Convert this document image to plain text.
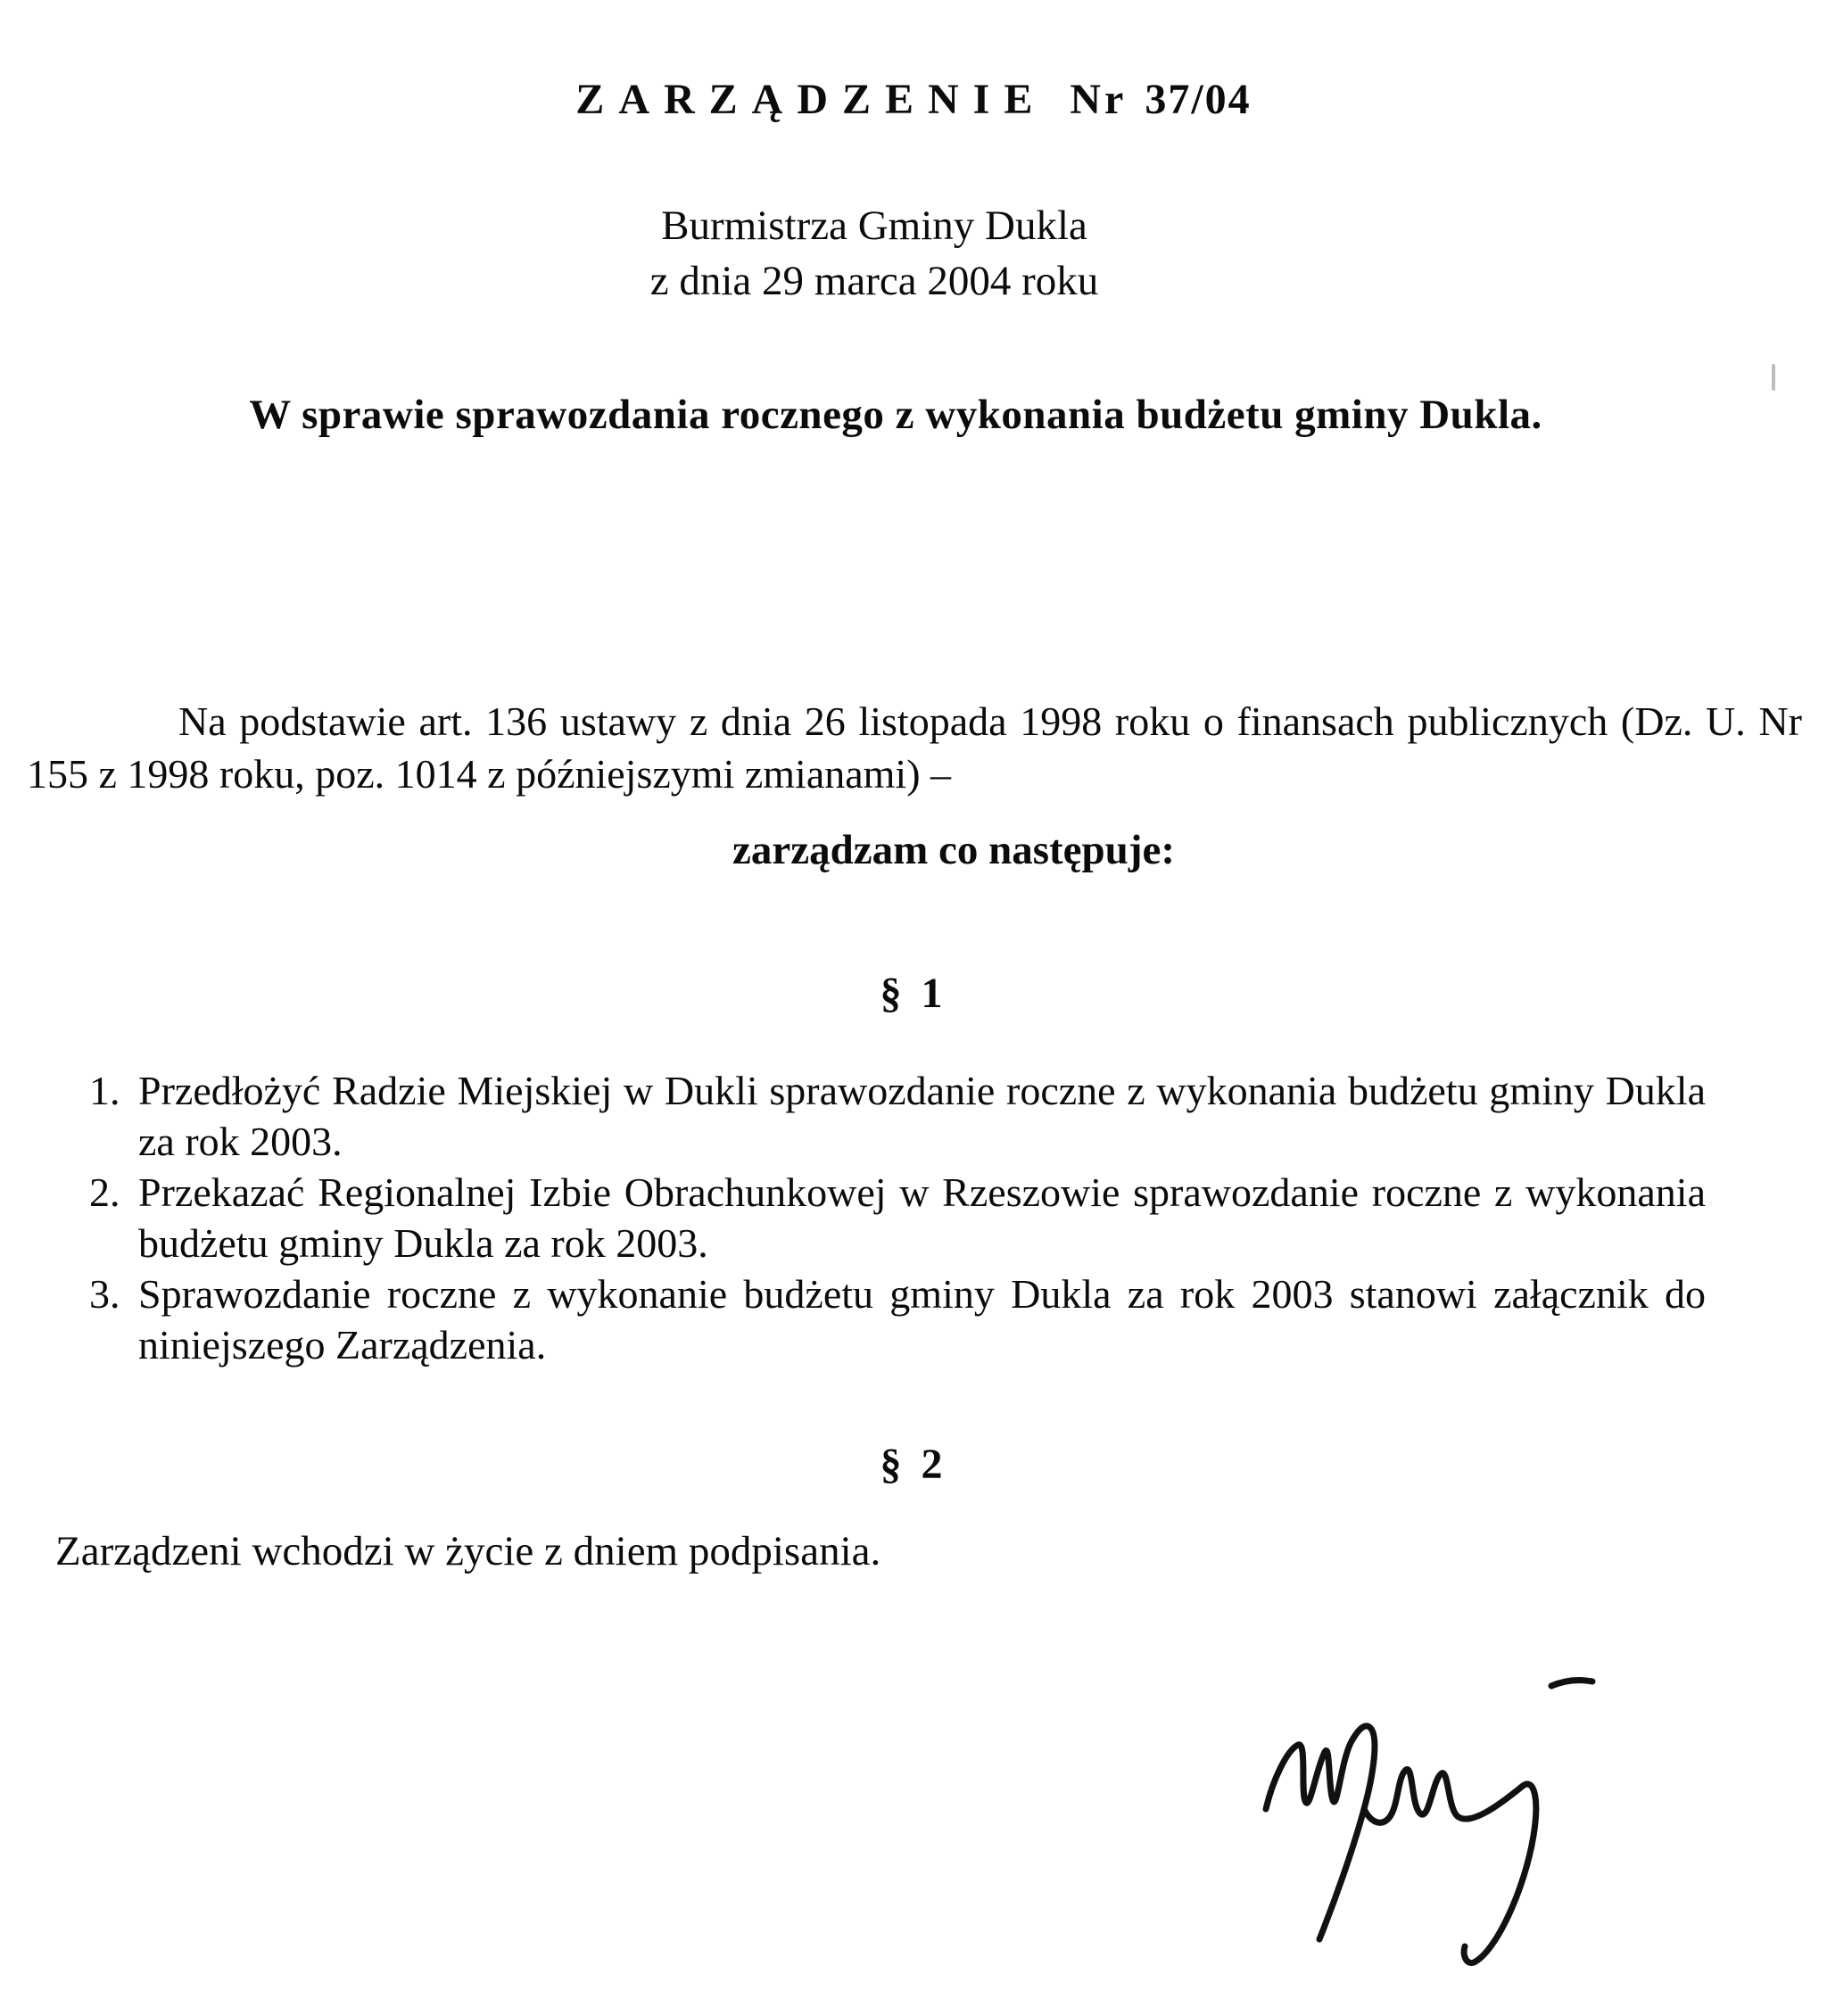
ZARZĄDZENIE Nr 37/04
Burmistrza Gminy Dukla
z dnia 29 marca 2004 roku
W sprawie sprawozdania rocznego z wykonania budżetu gminy Dukla.

Na podstawie art. 136 ustawy z dnia 26 listopada 1998 roku o finansach publicznych (Dz. U. Nr 155 z 1998 roku, poz. 1014 z późniejszymi zmianami) –

zarządzam co następuje:
§ 1
1. Przedłożyć Radzie Miejskiej w Dukli sprawozdanie roczne z wykonania budżetu gminy Dukla za rok 2003.
2. Przekazać Regionalnej Izbie Obrachunkowej w Rzeszowie sprawozdanie roczne z wykonania budżetu gminy Dukla za rok 2003.
3. Sprawozdanie roczne z wykonanie budżetu gminy Dukla za rok 2003 stanowi załącznik do niniejszego Zarządzenia.
§ 2
Zarządzeni wchodzi w życie z dniem podpisania.
